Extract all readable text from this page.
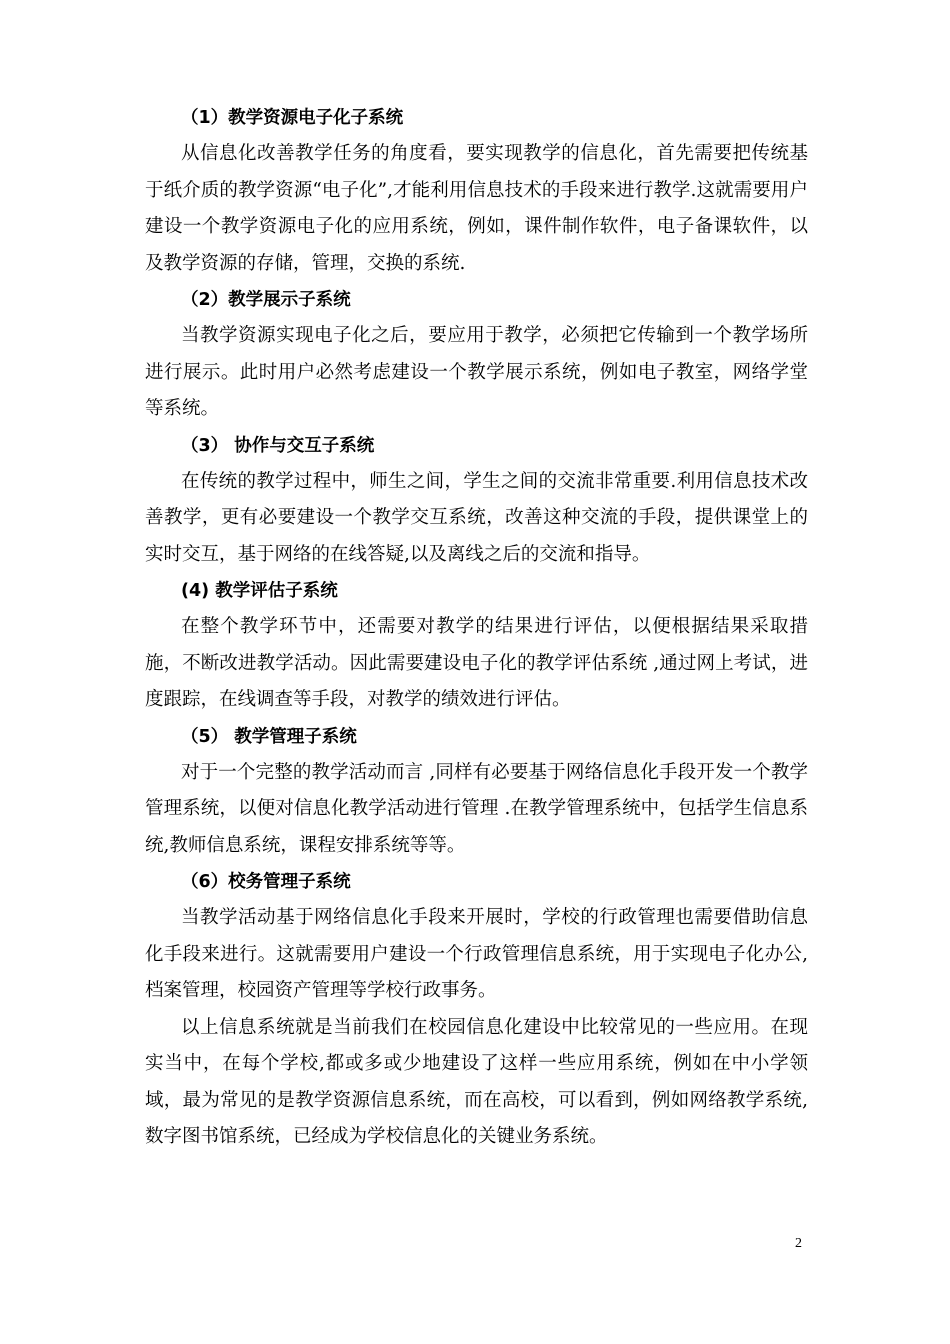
（1）教学资源电子化子系统

从信息化改善教学任务的角度看，要实现教学的信息化，首先需要把传统基于纸介质的教学资源“电子化”,才能利用信息技术的手段来进行教学.这就需要用户建设一个教学资源电子化的应用系统，例如，课件制作软件，电子备课软件，以及教学资源的存储，管理，交换的系统.

（2）教学展示子系统

当教学资源实现电子化之后，要应用于教学，必须把它传输到一个教学场所进行展示。此时用户必然考虑建设一个教学展示系统，例如电子教室，网络学堂等系统。

（3） 协作与交互子系统

在传统的教学过程中，师生之间，学生之间的交流非常重要.利用信息技术改善教学，更有必要建设一个教学交互系统，改善这种交流的手段，提供课堂上的实时交互，基于网络的在线答疑,以及离线之后的交流和指导。

(4) 教学评估子系统

在整个教学环节中，还需要对教学的结果进行评估，以便根据结果采取措施，不断改进教学活动。因此需要建设电子化的教学评估系统 ,通过网上考试，进度跟踪，在线调查等手段，对教学的绩效进行评估。

（5） 教学管理子系统

对于一个完整的教学活动而言 ,同样有必要基于网络信息化手段开发一个教学管理系统，以便对信息化教学活动进行管理 .在教学管理系统中，包括学生信息系统,教师信息系统，课程安排系统等等。

（6）校务管理子系统

当教学活动基于网络信息化手段来开展时，学校的行政管理也需要借助信息化手段来进行。这就需要用户建设一个行政管理信息系统，用于实现电子化办公,档案管理，校园资产管理等学校行政事务。

以上信息系统就是当前我们在校园信息化建设中比较常见的一些应用。在现实当中，在每个学校,都或多或少地建设了这样一些应用系统，例如在中小学领域，最为常见的是教学资源信息系统，而在高校，可以看到，例如网络教学系统,数字图书馆系统，已经成为学校信息化的关键业务系统。

2
